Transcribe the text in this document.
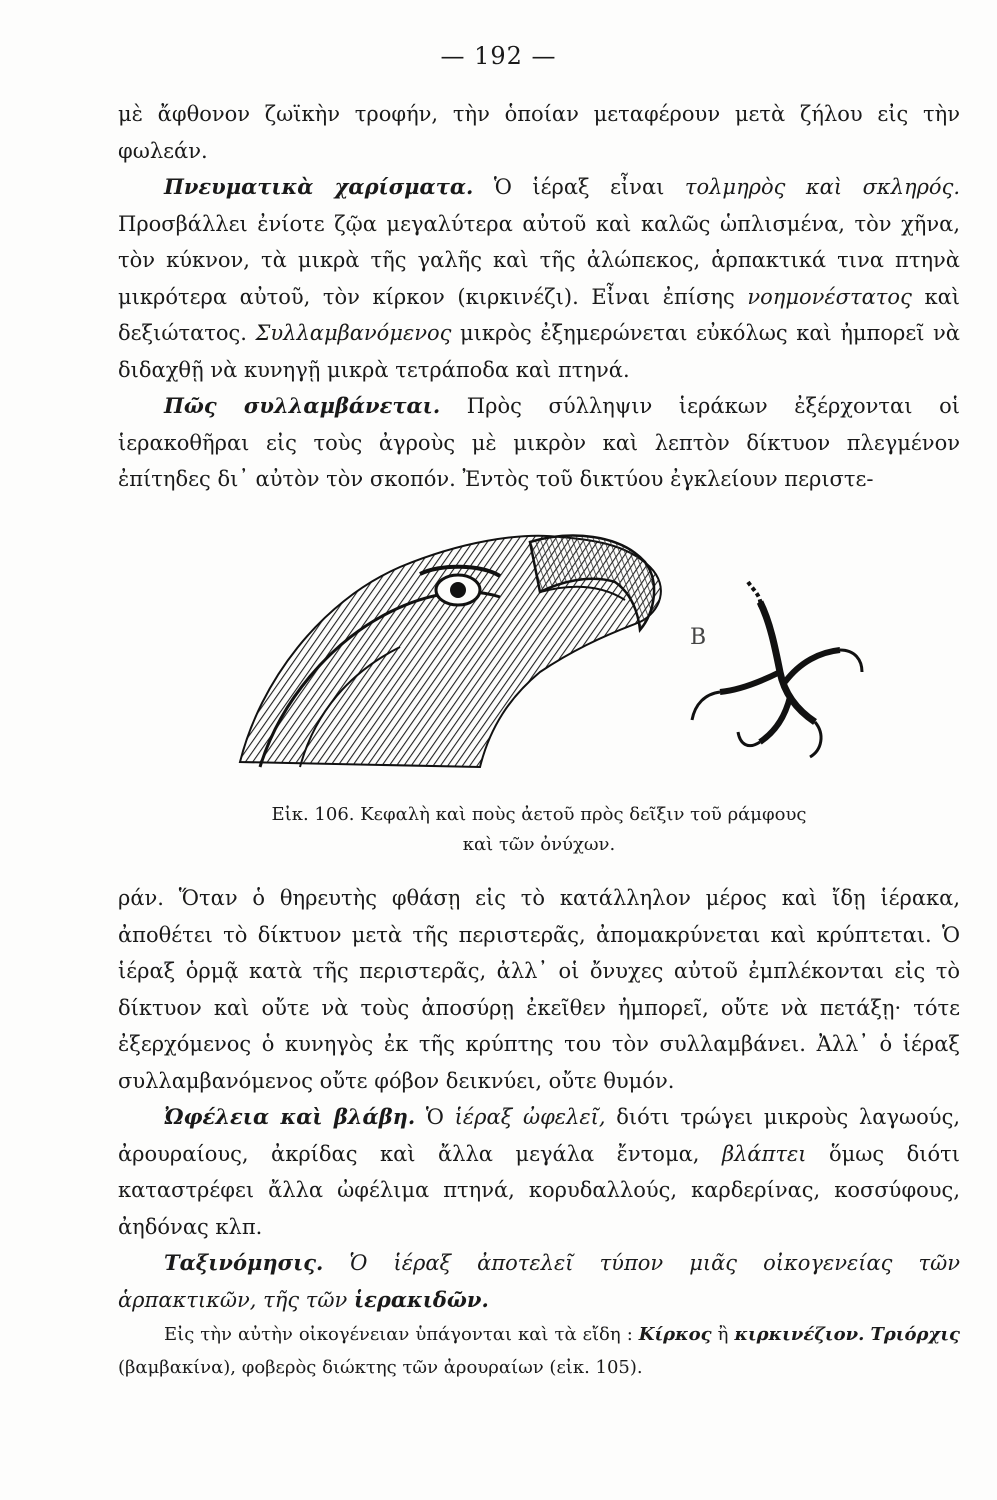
— 192 —

μὲ ἄφθονον ζωϊκὴν τροφήν, τὴν ὁποίαν μεταφέρουν μετὰ ζήλου εἰς τὴν φωλεάν.

Πνευματικὰ χαρίσματα. Ὁ ἱέραξ εἶναι τολμηρὸς καὶ σκληρός. Προσβάλλει ἐνίοτε ζῷα μεγαλύτερα αὐτοῦ καὶ καλῶς ὡπλισμένα, τὸν χῆνα, τὸν κύκνον, τὰ μικρὰ τῆς γαλῆς καὶ τῆς ἀλώπεκος, ἁρπακτικά τινα πτηνὰ μικρότερα αὐτοῦ, τὸν κίρκον (κιρκινέζι). Εἶναι ἐπίσης νοημονέστατος καὶ δεξιώτατος. Συλλαμβανόμενος μικρὸς ἐξημερώνεται εὐκόλως καὶ ἠμπορεῖ νὰ διδαχθῇ νὰ κυνηγῇ μικρὰ τετράποδα καὶ πτηνά.

Πῶς συλλαμβάνεται. Πρὸς σύλληψιν ἱεράκων ἐξέρχονται οἱ ἱερακοθῆραι εἰς τοὺς ἀγροὺς μὲ μικρὸν καὶ λεπτὸν δίκτυον πλεγμένον ἐπίτηδες δι᾽ αὐτὸν τὸν σκοπόν. Ἐντὸς τοῦ δικτύου ἐγκλείουν περιστε-

B
Εἰκ. 106. Κεφαλὴ καὶ ποὺς ἀετοῦ πρὸς δεῖξιν τοῦ ράμφους
καὶ τῶν ὀνύχων.

ράν. Ὅταν ὁ θηρευτὴς φθάσῃ εἰς τὸ κατάλληλον μέρος καὶ ἴδῃ ἱέρακα, ἀποθέτει τὸ δίκτυον μετὰ τῆς περιστερᾶς, ἀπομακρύνεται καὶ κρύπτεται. Ὁ ἱέραξ ὁρμᾷ κατὰ τῆς περιστερᾶς, ἀλλ᾽ οἱ ὄνυχες αὐτοῦ ἐμπλέκονται εἰς τὸ δίκτυον καὶ οὔτε νὰ τοὺς ἀποσύρῃ ἐκεῖθεν ἠμπορεῖ, οὔτε νὰ πετάξῃ· τότε ἐξερχόμενος ὁ κυνηγὸς ἐκ τῆς κρύπτης του τὸν συλλαμβάνει. Ἀλλ᾽ ὁ ἱέραξ συλλαμβανόμενος οὔτε φόβον δεικνύει, οὔτε θυμόν.

Ὠφέλεια καὶ βλάβη. Ὁ ἱέραξ ὠφελεῖ, διότι τρώγει μικροὺς λαγωούς, ἀρουραίους, ἀκρίδας καὶ ἄλλα μεγάλα ἔντομα, βλάπτει ὅμως διότι καταστρέφει ἄλλα ὠφέλιμα πτηνά, κορυδαλλούς, καρδερίνας, κοσσύφους, ἀηδόνας κλπ.

Ταξινόμησις. Ὁ ἱέραξ ἀποτελεῖ τύπον μιᾶς οἰκογενείας τῶν ἁρπακτικῶν, τῆς τῶν ἱερακιδῶν.

Εἰς τὴν αὐτὴν οἰκογένειαν ὑπάγονται καὶ τὰ εἴδη : Κίρκος ἢ κιρκινέζιον. Τριόρχις (βαμβακίνα), φοβερὸς διώκτης τῶν ἀρουραίων (εἰκ. 105).
